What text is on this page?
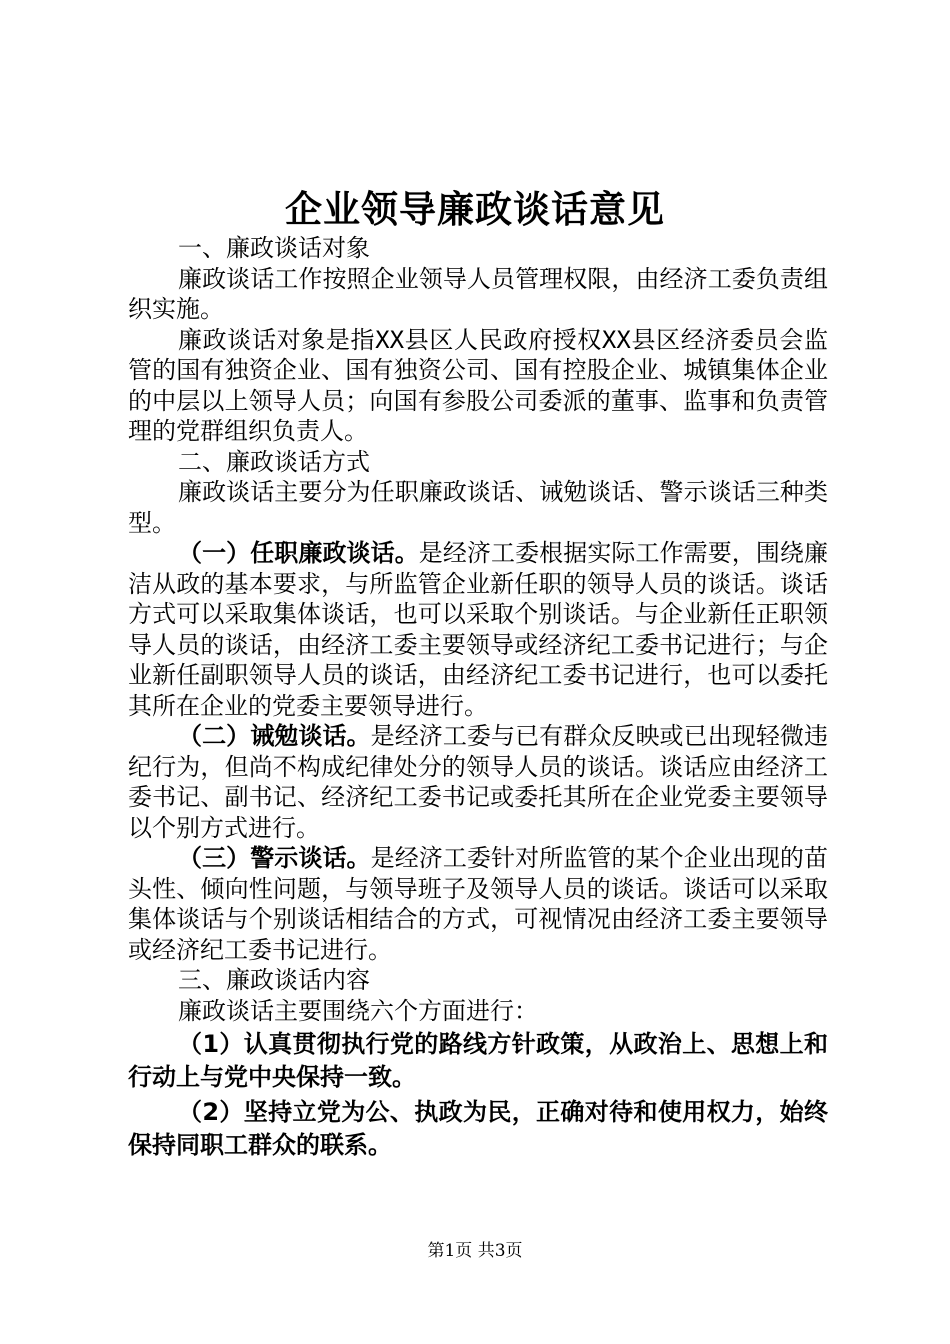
企业领导廉政谈话意见
一、廉政谈话对象

廉政谈话工作按照企业领导人员管理权限，由经济工委负责组织实施。

廉政谈话对象是指XX县区人民政府授权XX县区经济委员会监管的国有独资企业、国有独资公司、国有控股企业、城镇集体企业的中层以上领导人员；向国有参股公司委派的董事、监事和负责管理的党群组织负责人。

二、廉政谈话方式

廉政谈话主要分为任职廉政谈话、诫勉谈话、警示谈话三种类型。

（一）任职廉政谈话。是经济工委根据实际工作需要，围绕廉洁从政的基本要求，与所监管企业新任职的领导人员的谈话。谈话方式可以采取集体谈话，也可以采取个别谈话。与企业新任正职领导人员的谈话，由经济工委主要领导或经济纪工委书记进行；与企业新任副职领导人员的谈话，由经济纪工委书记进行，也可以委托其所在企业的党委主要领导进行。

（二）诫勉谈话。是经济工委与已有群众反映或已出现轻微违纪行为，但尚不构成纪律处分的领导人员的谈话。谈话应由经济工委书记、副书记、经济纪工委书记或委托其所在企业党委主要领导以个别方式进行。

（三）警示谈话。是经济工委针对所监管的某个企业出现的苗头性、倾向性问题，与领导班子及领导人员的谈话。谈话可以采取集体谈话与个别谈话相结合的方式，可视情况由经济工委主要领导或经济纪工委书记进行。

三、廉政谈话内容

廉政谈话主要围绕六个方面进行：

（1）认真贯彻执行党的路线方针政策，从政治上、思想上和行动上与党中央保持一致。

（2）坚持立党为公、执政为民，正确对待和使用权力，始终保持同职工群众的联系。

第1页 共3页
